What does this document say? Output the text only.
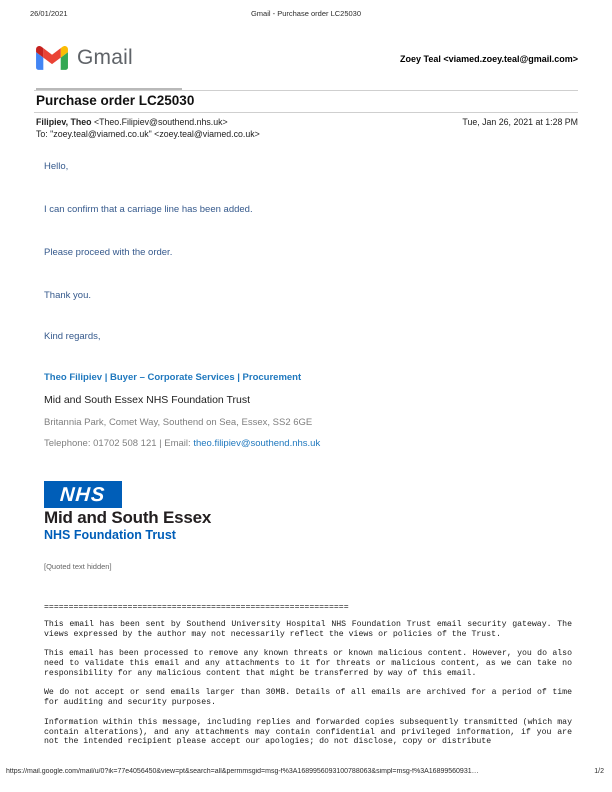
26/01/2021	Gmail - Purchase order LC25030
Gmail	Zoey Teal <viamed.zoey.teal@gmail.com>
Purchase order LC25030
Filipiev, Theo <Theo.Filipiev@southend.nhs.uk>	Tue, Jan 26, 2021 at 1:28 PM
To: "zoey.teal@viamed.co.uk" <zoey.teal@viamed.co.uk>
Hello,
I can confirm that a carriage line has been added.
Please proceed with the order.
Thank you.
Kind regards,
Theo Filipiev | Buyer – Corporate Services | Procurement
Mid and South Essex NHS Foundation Trust
Britannia Park, Comet Way, Southend on Sea, Essex, SS2 6GE
Telephone: 01702 508 121 | Email: theo.filipiev@southend.nhs.uk
NHS
Mid and South Essex
NHS Foundation Trust
[Quoted text hidden]
==============================================================

This email has been sent by Southend University Hospital NHS Foundation Trust email security gateway. The views expressed by the author may not necessarily reflect the views or policies of the Trust.

This email has been processed to remove any known threats or known malicious content. However, you do also need to validate this email and any attachments to it for threats or malicious content, as we can take no responsibility for any malicious content that might be transferred by way of this email.

We do not accept or send emails larger than 30MB. Details of all emails are archived for a period of time for auditing and security purposes.

Information within this message, including replies and forwarded copies subsequently transmitted (which may contain alterations), and any attachments may contain confidential and privileged information, if you are not the intended recipient please accept our apologies; do not disclose, copy or distribute

https://mail.google.com/mail/u/0?ik=77e4056450&view=pt&search=all&permmsgid=msg-f%3A1689956093100788063&simpl=msg-f%3A16899560931…	1/2
